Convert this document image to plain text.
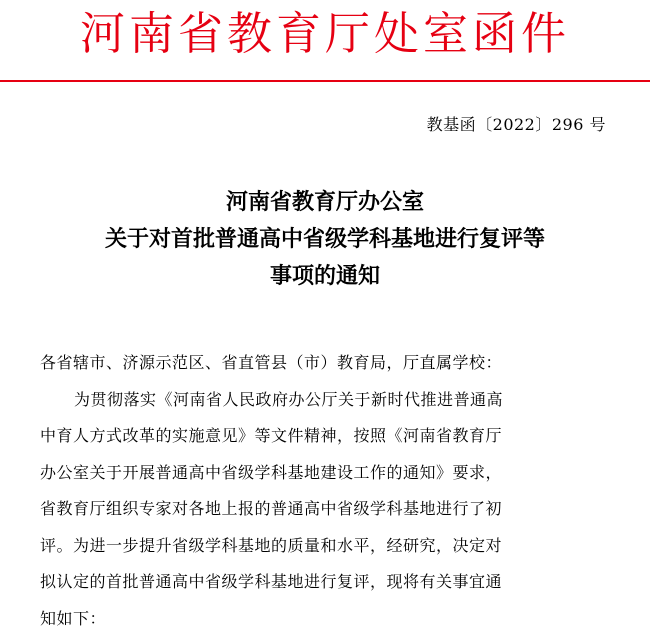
河南省教育厅处室函件
教基函〔2022〕296 号
河南省教育厅办公室
关于对首批普通高中省级学科基地进行复评等
事项的通知
各省辖市、济源示范区、省直管县（市）教育局，厅直属学校：
为贯彻落实《河南省人民政府办公厅关于新时代推进普通高
中育人方式改革的实施意见》等文件精神，按照《河南省教育厅
办公室关于开展普通高中省级学科基地建设工作的通知》要求，
省教育厅组织专家对各地上报的普通高中省级学科基地进行了初
评。为进一步提升省级学科基地的质量和水平，经研究，决定对
拟认定的首批普通高中省级学科基地进行复评，现将有关事宜通
知如下：
